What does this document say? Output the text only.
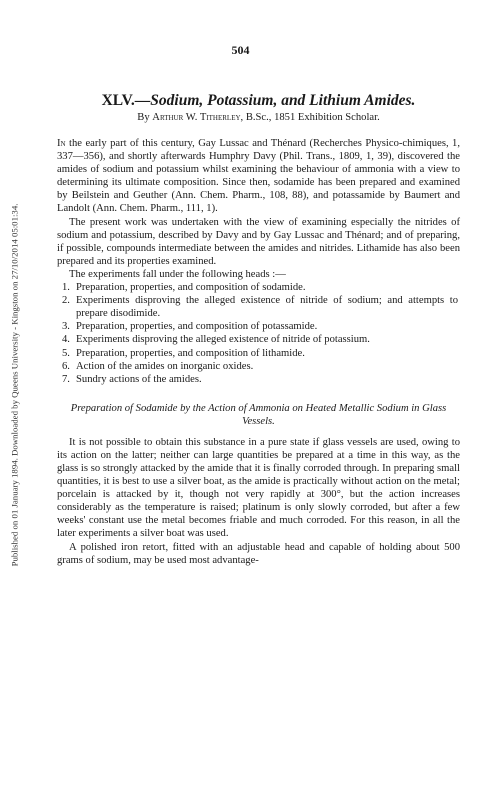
Published on 01 January 1894. Downloaded by Queens University - Kingston on 27/10/2014 05:01:34.
504
XLV.—Sodium, Potassium, and Lithium Amides.
By Arthur W. Titherley, B.Sc., 1851 Exhibition Scholar.

In the early part of this century, Gay Lussac and Thénard (Recherches Physico-chimiques, 1, 337—356), and shortly afterwards Humphry Davy (Phil. Trans., 1809, 1, 39), discovered the amides of sodium and potassium whilst examining the behaviour of ammonia with a view to determining its ultimate composition. Since then, sodamide has been prepared and examined by Beilstein and Geuther (Ann. Chem. Pharm., 108, 88), and potassamide by Baumert and Landolt (Ann. Chem. Pharm., 111, 1).

The present work was undertaken with the view of examining especially the nitrides of sodium and potassium, described by Davy and by Gay Lussac and Thénard; and of preparing, if possible, compounds intermediate between the amides and nitrides. Lithamide has also been prepared and its properties examined.

The experiments fall under the following heads :—

1. Preparation, properties, and composition of sodamide.
2. Experiments disproving the alleged existence of nitride of sodium; and attempts to prepare disodimide.
3. Preparation, properties, and composition of potassamide.
4. Experiments disproving the alleged existence of nitride of potassium.
5. Preparation, properties, and composition of lithamide.
6. Action of the amides on inorganic oxides.
7. Sundry actions of the amides.
Preparation of Sodamide by the Action of Ammonia on Heated Metallic Sodium in Glass Vessels.

It is not possible to obtain this substance in a pure state if glass vessels are used, owing to its action on the latter; neither can large quantities be prepared at a time in this way, as the glass is so strongly attacked by the amide that it is finally corroded through. In preparing small quantities, it is best to use a silver boat, as the amide is practically without action on the metal; porcelain is attacked by it, though not very rapidly at 300°, but the action increases considerably as the temperature is raised; platinum is only slowly corroded, but after a few weeks' constant use the metal becomes friable and much corroded. For this reason, in all the later experiments a silver boat was used.

A polished iron retort, fitted with an adjustable head and capable of holding about 500 grams of sodium, may be used most advantage-
